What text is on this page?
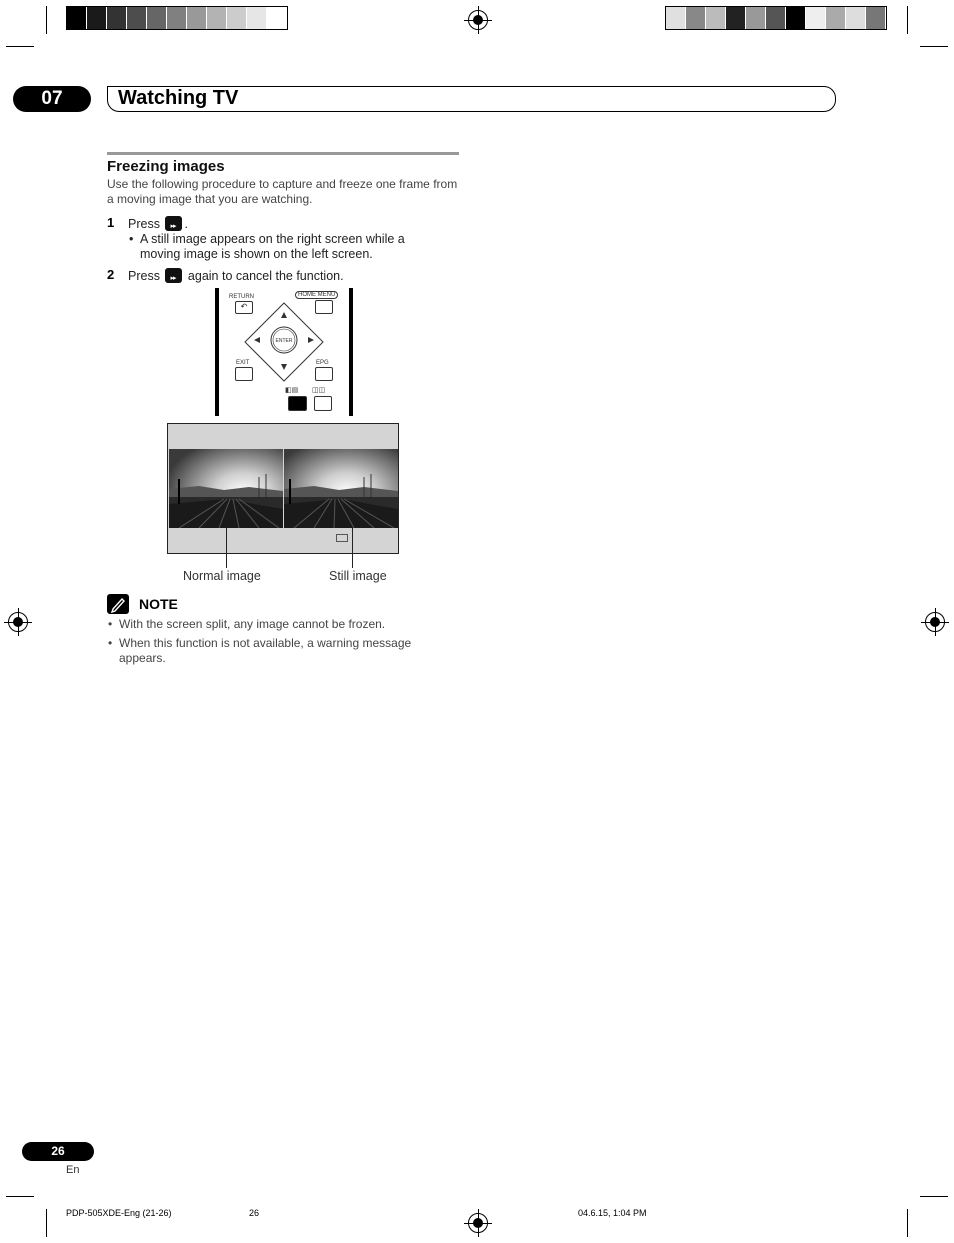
07	Watching TV
Freezing images
Use the following procedure to capture and freeze one frame from a moving image that you are watching.
1 Press ▸▸ .
• A still image appears on the right screen while a moving image is shown on the left screen.
2 Press ▸▸ again to cancel the function.
RETURN
↶
HOME MENU
ENTER
EXIT	EPG
◧▤ ◫◫
Normal image	Still image
NOTE
• With the screen split, any image cannot be frozen.
• When this function is not available, a warning message appears.
26
En
PDP-505XDE-Eng (21-26)	26	04.6.15, 1:04 PM
